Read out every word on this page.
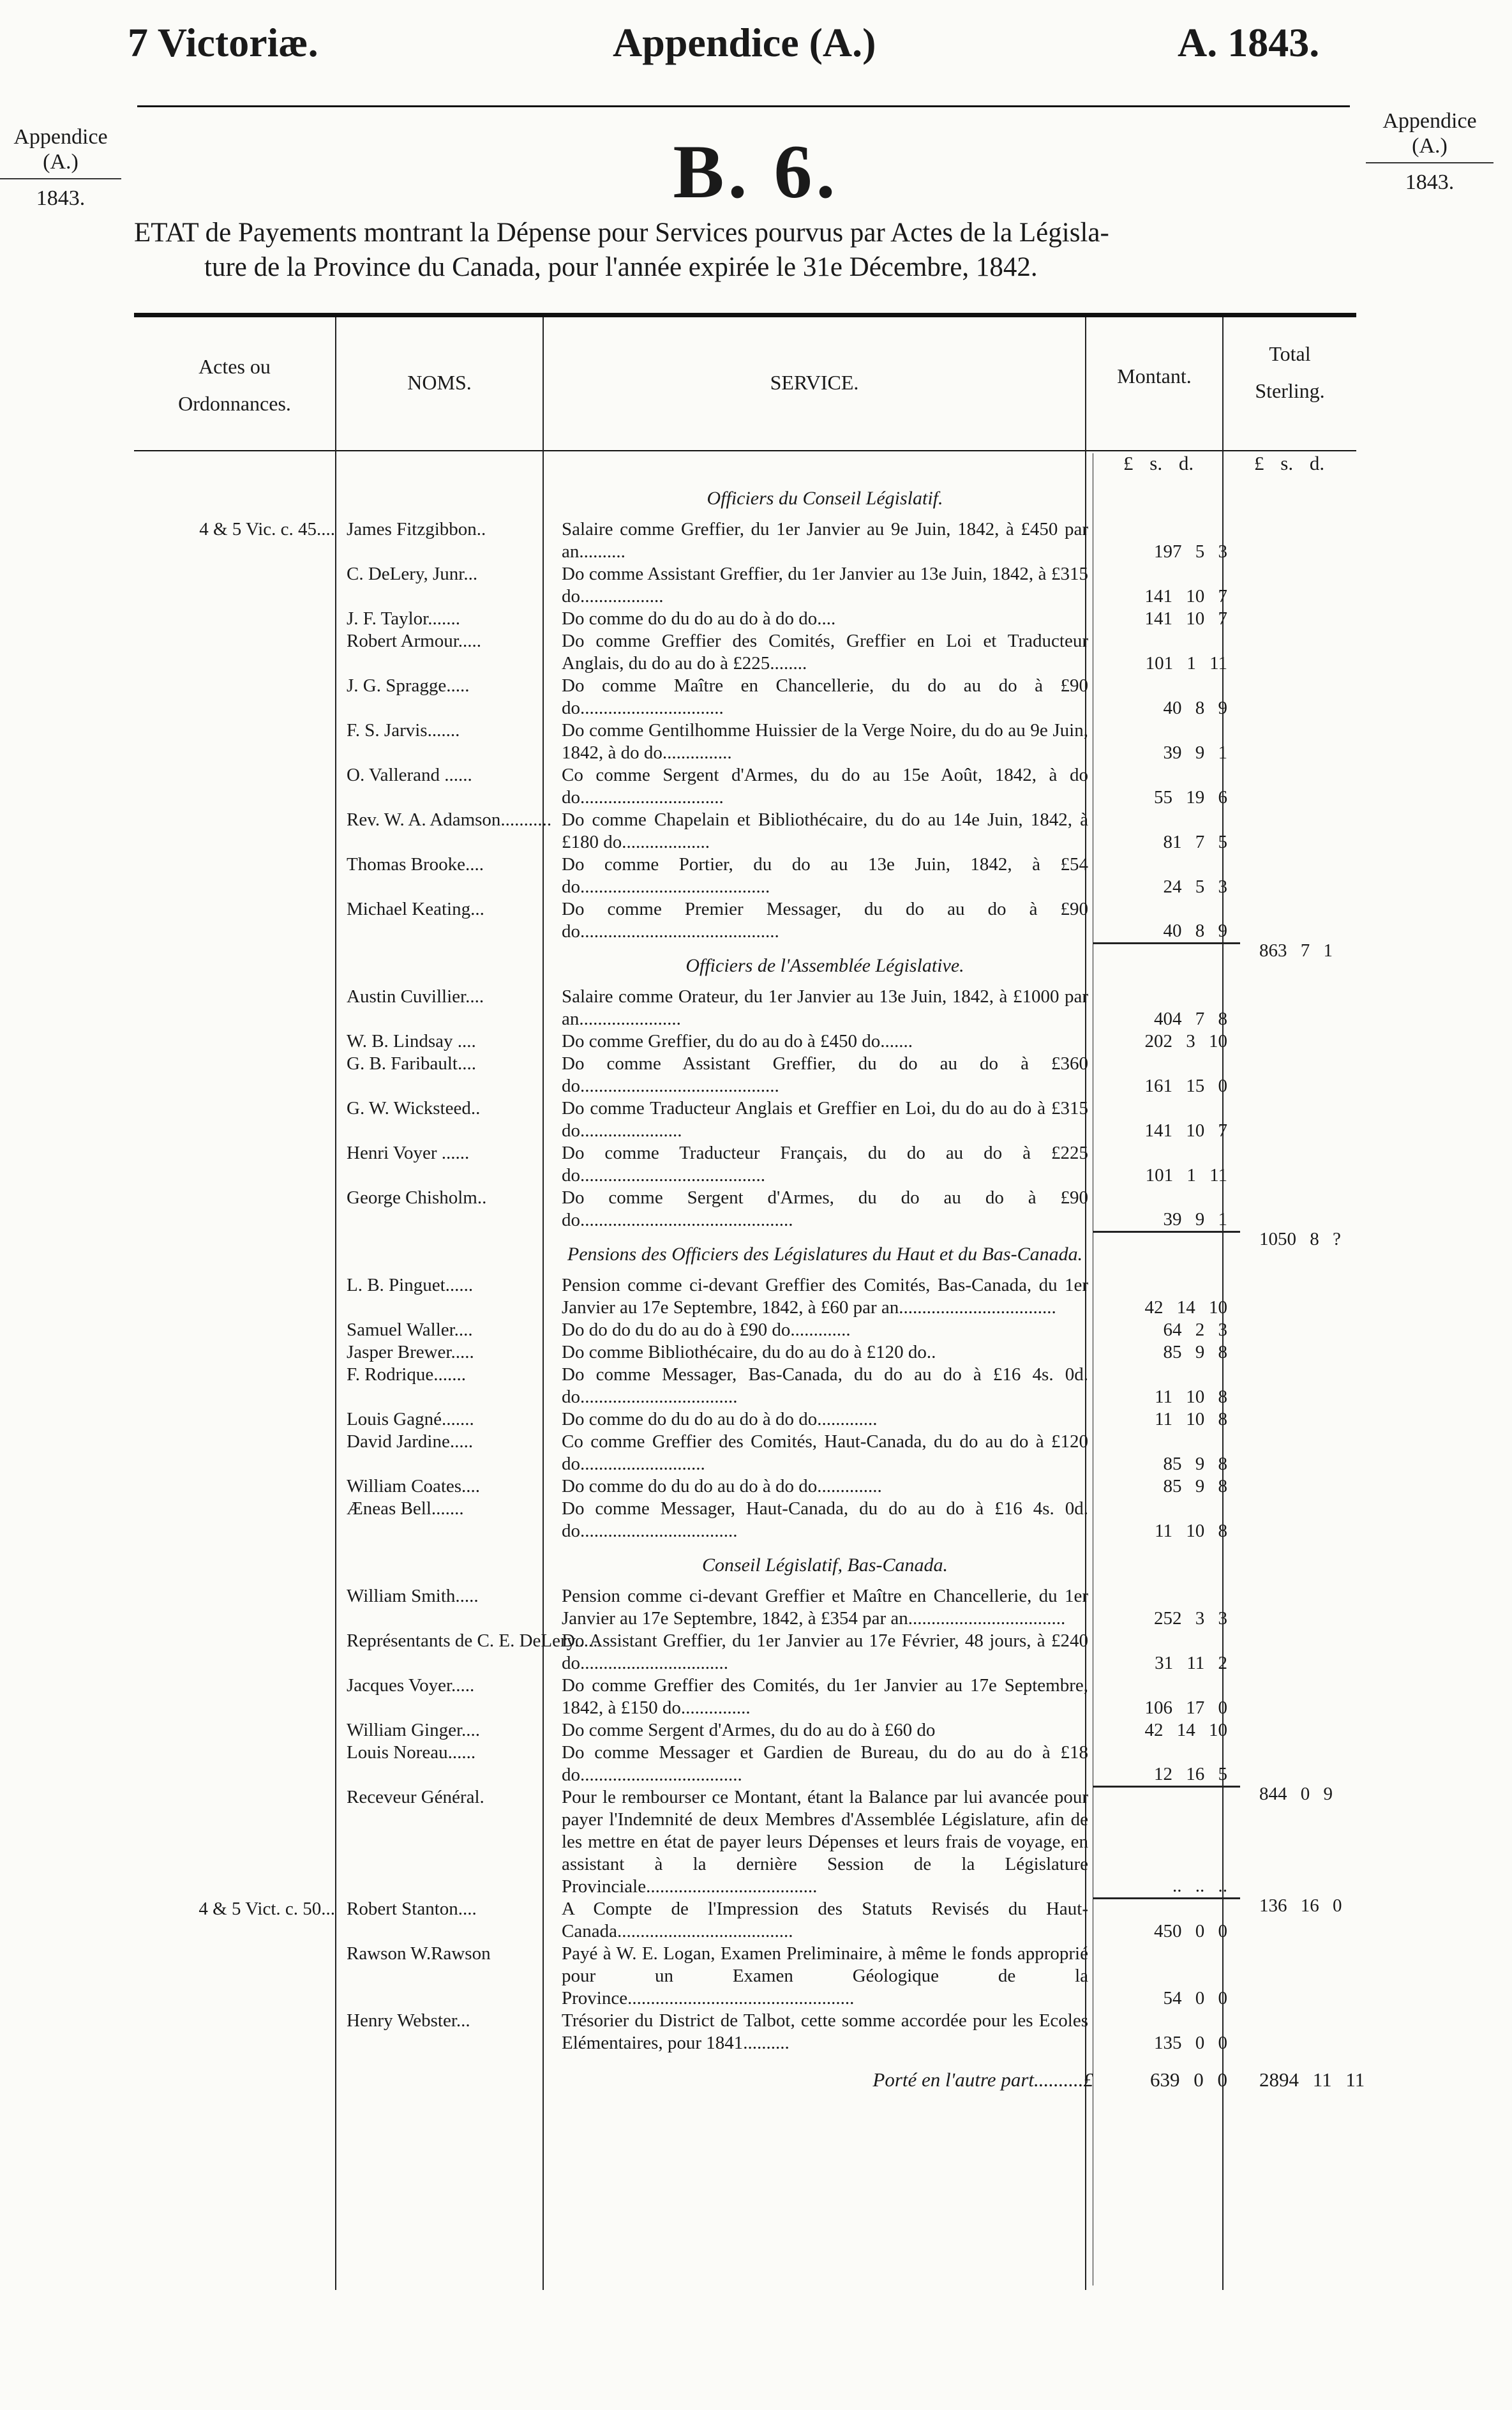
7 Victoriæ.	Appendice (A.)	A. 1843.
Appendice
(A.)
1843.
Appendice
(A.)
1843.
B. 6.
ETAT de Payements montrant la Dépense pour Services pourvus par Actes de la Législa-
ture de la Province du Canada, pour l'année expirée le 31e Décembre, 1842.
Actes ou
Ordonnances.
NOMS.	SERVICE.	Montant.
Total
Sterling.
£ s. d.	£ s. d.
		Officiers du Conseil Législatif.		
4 & 5 Vic. c. 45....	James Fitzgibbon..	Salaire comme Greffier, du 1er Janvier au 9e Juin, 1842, à £450 par an..........	197 5 3	

	C. DeLery, Junr...	Do comme Assistant Greffier, du 1er Janvier au 13e Juin, 1842, à £315 do..................	141 10 7	

	J. F. Taylor.......	Do comme do du do au do à do do....	141 10 7	

	Robert Armour.....	Do comme Greffier des Comités, Greffier en Loi et Traducteur Anglais, du do au do à £225........	101 1 11	

	J. G. Spragge.....	Do comme Maître en Chancellerie, du do au do à £90 do...............................	40 8 9	

	F. S. Jarvis.......	Do comme Gentilhomme Huissier de la Verge Noire, du do au 9e Juin, 1842, à do do...............	39 9 1	

	O. Vallerand ......	Co comme Sergent d'Armes, du do au 15e Août, 1842, à do do...............................	55 19 6	

	Rev. W. A. Adamson...........	Do comme Chapelain et Bibliothécaire, du do au 14e Juin, 1842, à £180 do...................	81 7 5	

	Thomas Brooke....	Do comme Portier, du do au 13e Juin, 1842, à £54 do.........................................	24 5 3	

	Michael Keating...	Do comme Premier Messager, du do au do à £90 do...........................................	40 8 9	863 7 1

		Officiers de l'Assemblée Législative.		
	Austin Cuvillier....	Salaire comme Orateur, du 1er Janvier au 13e Juin, 1842, à £1000 par an......................	404 7 8	

	W. B. Lindsay ....	Do comme Greffier, du do au do à £450 do.......	202 3 10	

	G. B. Faribault....	Do comme Assistant Greffier, du do au do à £360 do...........................................	161 15 0	

	G. W. Wicksteed..	Do comme Traducteur Anglais et Greffier en Loi, du do au do à £315 do......................	141 10 7	

	Henri Voyer ......	Do comme Traducteur Français, du do au do à £225 do........................................	101 1 11	

	George Chisholm..	Do comme Sergent d'Armes, du do au do à £90 do..............................................	39 9 1	1050 8 ?

		Pensions des Officiers des Législatures du Haut et du Bas-Canada.		
	L. B. Pinguet......	Pension comme ci-devant Greffier des Comités, Bas-Canada, du 1er Janvier au 17e Septembre, 1842, à £60 par an..................................	42 14 10	

	Samuel Waller....	Do do do du do au do à £90 do.............	64 2 3	

	Jasper Brewer.....	Do comme Bibliothécaire, du do au do à £120 do..	85 9 8	

	F. Rodrique.......	Do comme Messager, Bas-Canada, du do au do à £16 4s. 0d. do..................................	11 10 8	

	Louis Gagné.......	Do comme do du do au do à do do.............	11 10 8	

	David Jardine.....	Co comme Greffier des Comités, Haut-Canada, du do au do à £120 do...........................	85 9 8	

	William Coates....	Do comme do du do au do à do do..............	85 9 8	

	Æneas Bell.......	Do comme Messager, Haut-Canada, du do au do à £16 4s. 0d. do..................................	11 10 8	

		Conseil Législatif, Bas-Canada.		
	William Smith.....	Pension comme ci-devant Greffier et Maître en Chancellerie, du 1er Janvier au 17e Septembre, 1842, à £354 par an..................................	252 3 3	

	Représentants de C. E. DeLery......	Do Assistant Greffier, du 1er Janvier au 17e Février, 48 jours, à £240 do................................	31 11 2	

	Jacques Voyer.....	Do comme Greffier des Comités, du 1er Janvier au 17e Septembre, 1842, à £150 do...............	106 17 0	

	William Ginger....	Do comme Sergent d'Armes, du do au do à £60 do	42 14 10	

	Louis Noreau......	Do comme Messager et Gardien de Bureau, du do au do à £18 do...................................	12 16 5	844 0 9

	Receveur Général.	Pour le rembourser ce Montant, étant la Balance par lui avancée pour payer l'Indemnité de deux Membres d'Assemblée Législature, afin de les mettre en état de payer leurs Dépenses et leurs frais de voyage, en assistant à la dernière Session de la Législature Provinciale.....................................	.. .. ..	136 16 0

4 & 5 Vict. c. 50...	Robert Stanton....	A Compte de l'Impression des Statuts Revisés du Haut-Canada......................................	450 0 0	

	Rawson W.Rawson	Payé à W. E. Logan, Examen Preliminaire, à même le fonds approprié pour un Examen Géologique de la Province.................................................	54 0 0	

	Henry Webster...	Trésorier du District de Talbot, cette somme accordée pour les Ecoles Elémentaires, pour 1841..........	135 0 0	

Porté en l'autre part..........£			639 0 0	2894 11 11
